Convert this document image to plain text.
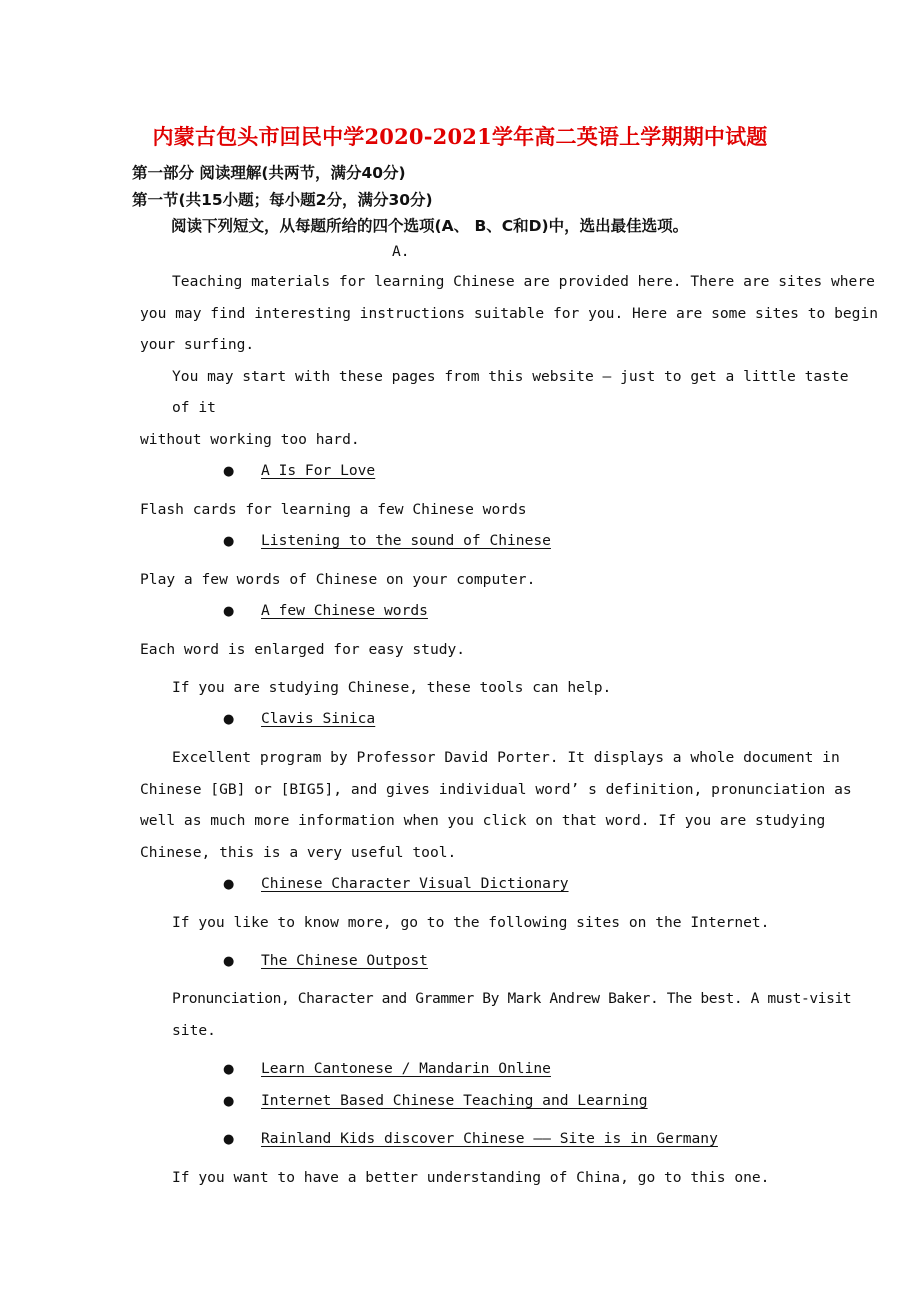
内蒙古包头市回民中学2020-2021学年高二英语上学期期中试题
第一部分 阅读理解(共两节，满分40分)
第一节(共15小题；每小题2分，满分30分)
阅读下列短文，从每题所给的四个选项(A、 B、C和D)中，选出最佳选项。
A.
Teaching materials for learning Chinese are provided here. There are sites where
you may find interesting instructions suitable for you. Here are some sites to begin
your surfing.
You may start with these pages from this website — just to get a little taste
of it
without working too hard.
● A Is For Love
Flash cards for learning a few Chinese words
● Listening to the sound of Chinese
Play a few words of Chinese on your computer.
● A few Chinese words
Each word is enlarged for easy study.
If you are studying Chinese, these tools can help.
● Clavis Sinica
Excellent program by Professor David Porter. It displays a whole document in
Chinese [GB] or [BIG5], and gives individual word’ s definition, pronunciation as
well as much more information when you click on that word. If you are studying
Chinese, this is a very useful tool.
● Chinese Character Visual Dictionary
If you like to know more, go to the following sites on the Internet.
● The Chinese Outpost
Pronunciation, Character and Grammer By Mark Andrew Baker. The best. A must-visit
site.
● Learn Cantonese / Mandarin Online
● Internet Based Chinese Teaching and Learning
● Rainland Kids discover Chinese —— Site is in Germany
If you want to have a better understanding of China, go to this one.
